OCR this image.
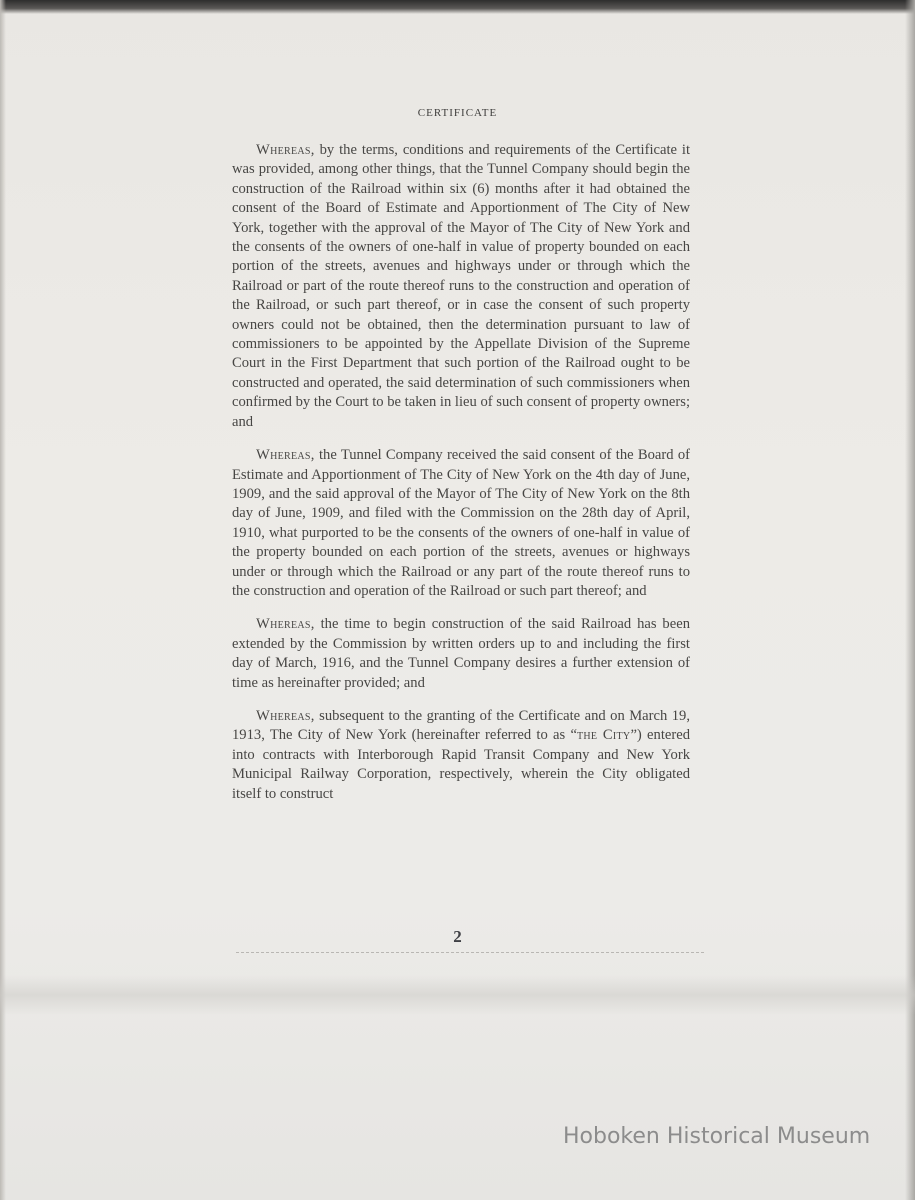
CERTIFICATE

Whereas, by the terms, conditions and requirements of the Certificate it was provided, among other things, that the Tunnel Company should begin the construction of the Railroad within six (6) months after it had obtained the consent of the Board of Estimate and Apportionment of The City of New York, together with the approval of the Mayor of The City of New York and the consents of the owners of one-half in value of property bounded on each portion of the streets, avenues and highways under or through which the Railroad or part of the route thereof runs to the construction and operation of the Railroad, or such part thereof, or in case the consent of such property owners could not be obtained, then the determination pursuant to law of commissioners to be appointed by the Appellate Division of the Supreme Court in the First Department that such portion of the Railroad ought to be constructed and operated, the said determination of such commissioners when confirmed by the Court to be taken in lieu of such consent of property owners; and

Whereas, the Tunnel Company received the said consent of the Board of Estimate and Apportionment of The City of New York on the 4th day of June, 1909, and the said approval of the Mayor of The City of New York on the 8th day of June, 1909, and filed with the Commission on the 28th day of April, 1910, what purported to be the consents of the owners of one-half in value of the property bounded on each portion of the streets, avenues or highways under or through which the Railroad or any part of the route thereof runs to the construction and operation of the Railroad or such part thereof; and

Whereas, the time to begin construction of the said Railroad has been extended by the Commission by written orders up to and including the first day of March, 1916, and the Tunnel Company desires a further extension of time as hereinafter provided; and

Whereas, subsequent to the granting of the Certificate and on March 19, 1913, The City of New York (hereinafter referred to as “the City”) entered into contracts with Interborough Rapid Transit Company and New York Municipal Railway Corporation, respectively, wherein the City obligated itself to construct

2
Hoboken Historical Museum
